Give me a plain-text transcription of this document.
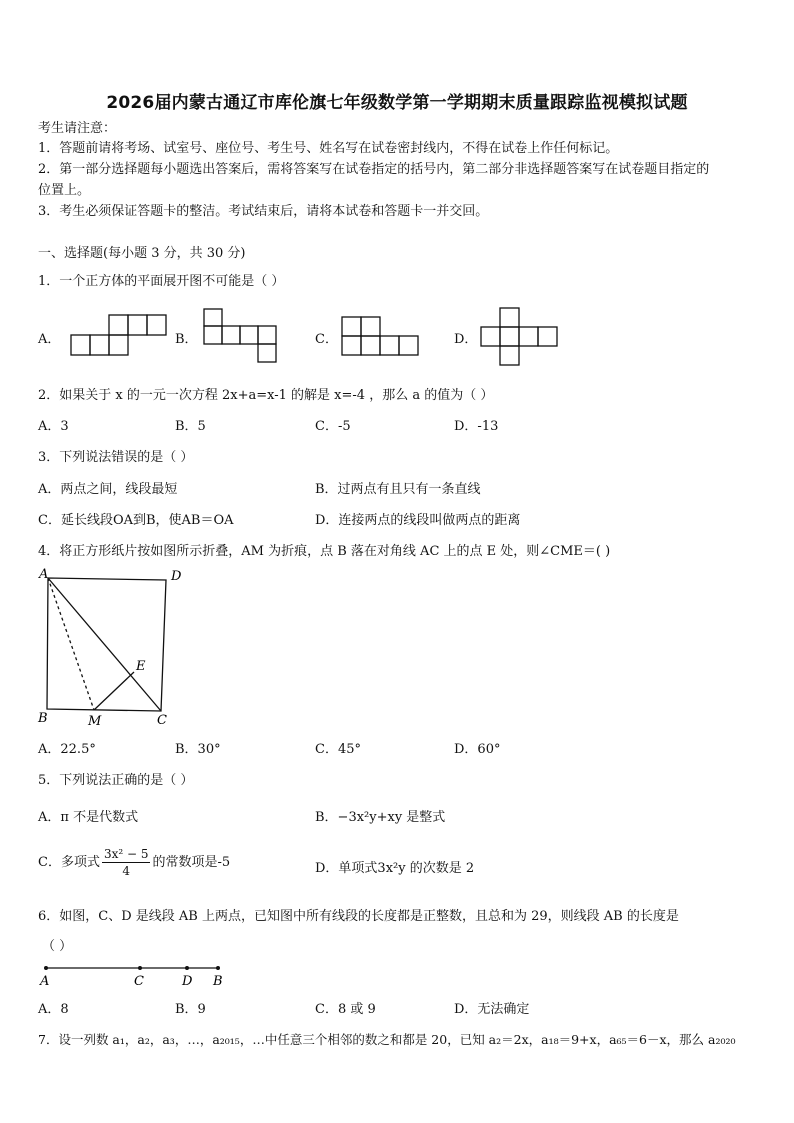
2026届内蒙古通辽市库伦旗七年级数学第一学期期末质量跟踪监视模拟试题
考生请注意：
1．答题前请将考场、试室号、座位号、考生号、姓名写在试卷密封线内，不得在试卷上作任何标记。
2．第一部分选择题每小题选出答案后，需将答案写在试卷指定的括号内，第二部分非选择题答案写在试卷题目指定的
位置上。
3．考生必须保证答题卡的整洁。考试结束后，请将本试卷和答题卡一并交回。
一、选择题(每小题 3 分，共 30 分)
1．一个正方体的平面展开图不可能是（ ）
A．	B．	C．	D．
2．如果关于 x 的一元一次方程 2x+a=x-1 的解是 x=-4 ，那么 a 的值为（ ）
A．3	B．5	C．-5	D．-13
3．下列说法错误的是（ ）
A．两点之间，线段最短	B．过两点有且只有一条直线
C．延长线段OA到B，使AB＝OA	D．连接两点的线段叫做两点的距离
4．将正方形纸片按如图所示折叠，AM 为折痕，点 B 落在对角线 AC 上的点 E 处，则∠CME＝( )
A	D
E
B	M	C
A．22.5°	B．30°	C．45°	D．60°
5．下列说法正确的是（ ）
A．π 不是代数式	B．−3x²y+xy 是整式
C．多项式 $\frac{\text{3x² − 5}}{4}$ 的常数项是-5	D．单项式3x²y 的次数是 2
6．如图，C、D 是线段 AB 上两点，已知图中所有线段的长度都是正整数，且总和为 29，则线段 AB 的长度是
（ ）
A	C	D B
A．8	B．9	C．8 或 9	D．无法确定
7．设一列数 a₁，a₂，a₃，…，a₂₀₁₅，…中任意三个相邻的数之和都是 20，已知 a₂＝2x，a₁₈＝9+x，a₆₅＝6－x，那么 a₂₀₂₀
